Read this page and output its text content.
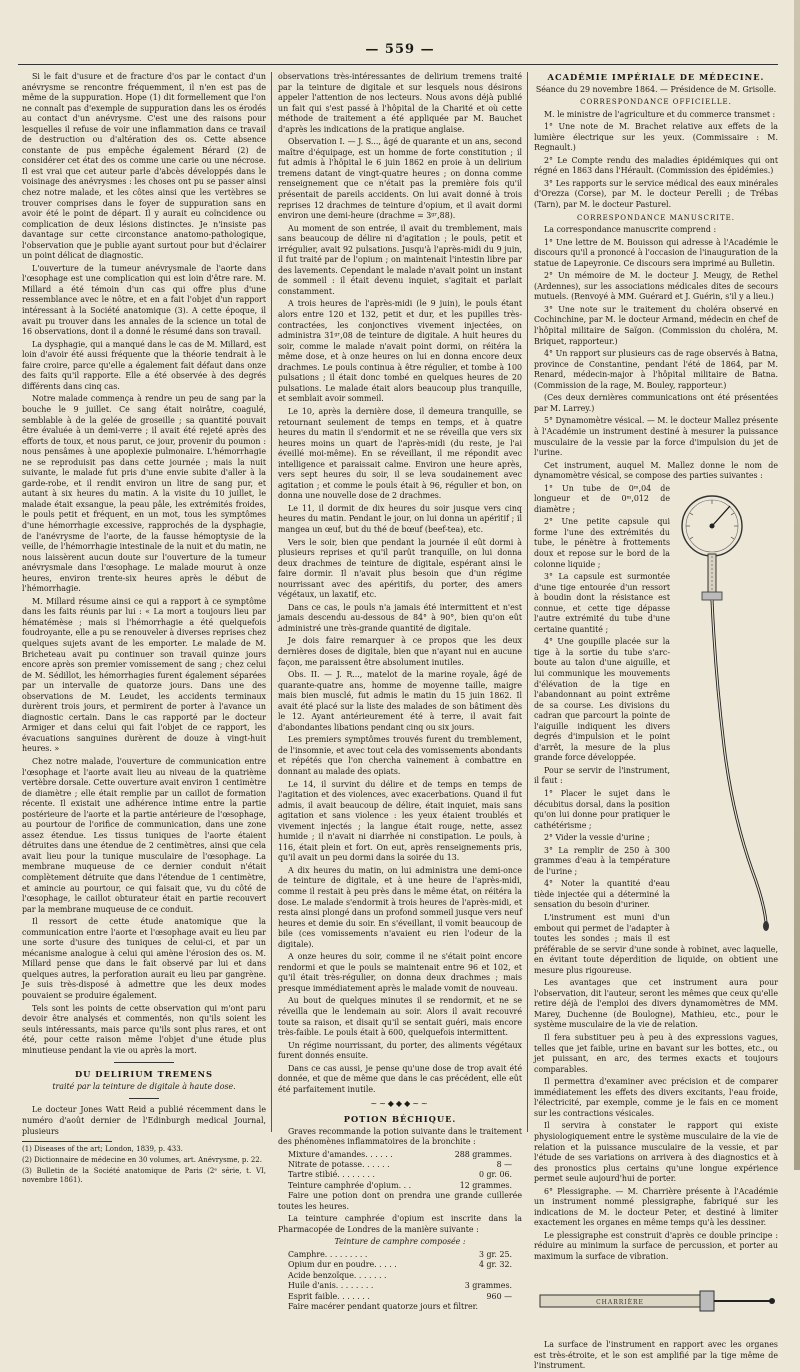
— 559 —

Si le fait d'usure et de fracture d'os par le contact d'un anévrysme se rencontre fréquemment, il n'en est pas de même de la suppuration. Hope (1) dit formellement que l'on ne connaît pas d'exemple de suppuration dans les os érodés au contact d'un anévrysme. C'est une des raisons pour lesquelles il refuse de voir une inflammation dans ce travail de destruction ou d'altération des os. Cette absence constante de pus empêche également Bérard (2) de considérer cet état des os comme une carie ou une nécrose. Il est vrai que cet auteur parle d'abcès développés dans le voisinage des anévrysmes : les choses ont pu se passer ainsi chez notre malade, et les côtes ainsi que les vertèbres se trouver comprises dans le foyer de suppuration sans en avoir été le point de départ. Il y aurait eu coïncidence ou complication de deux lésions distinctes. Je n'insiste pas davantage sur cette circonstance anatomo-pathologique, l'observation que je publie ayant surtout pour but d'éclairer un point délicat de diagnostic.

L'ouverture de la tumeur anévrysmale de l'aorte dans l'œsophage est une complication qui est loin d'être rare. M. Millard a été témoin d'un cas qui offre plus d'une ressemblance avec le nôtre, et en a fait l'objet d'un rapport intéressant à la Société anatomique (3). A cette époque, il avait pu trouver dans les annales de la science un total de 16 observations, dont il a donné le résumé dans son travail.

La dysphagie, qui a manqué dans le cas de M. Millard, est loin d'avoir été aussi fréquente que la théorie tendrait à le faire croire, parce qu'elle a également fait défaut dans onze des faits qu'il rapporte. Elle a été observée à des degrés différents dans cinq cas.

Notre malade commença à rendre un peu de sang par la bouche le 9 juillet. Ce sang était noirâtre, coagulé, semblable à de la gelée de groseille ; sa quantité pouvait être évaluée à un demi-verre ; il avait été rejeté après des efforts de toux, et nous parut, ce jour, provenir du poumon : nous pensâmes à une apoplexie pulmonaire. L'hémorrhagie ne se reproduisit pas dans cette journée ; mais la nuit suivante, le malade fut pris d'une envie subite d'aller à la garde-robe, et il rendit environ un litre de sang pur, et autant à six heures du matin. A la visite du 10 juillet, le malade était exsangue, la peau pâle, les extrémités froides, le pouls petit et fréquent, en un mot, tous les symptômes d'une hémorrhagie excessive, rapprochés de la dysphagie, de l'anévrysme de l'aorte, de la fausse hémoptysie de la veille, de l'hémorrhagie intestinale de la nuit et du matin, ne nous laissèrent aucun doute sur l'ouverture de la tumeur anévrysmale dans l'œsophage. Le malade mourut à onze heures, environ trente-six heures après le début de l'hémorrhagie.

M. Millard résume ainsi ce qui a rapport à ce symptôme dans les faits réunis par lui : « La mort a toujours lieu par hématémèse ; mais si l'hémorrhagie a été quelquefois foudroyante, elle a pu se renouveler à diverses reprises chez quelques sujets avant de les emporter. Le malade de M. Bricheteau avait pu continuer son travail quinze jours encore après son premier vomissement de sang ; chez celui de M. Sédillot, les hémorrhagies furent également séparées par un intervalle de quatorze jours. Dans une des observations de M. Leudet, les accidents terminaux durèrent trois jours, et permirent de porter à l'avance un diagnostic certain. Dans le cas rapporté par le docteur Armiger et dans celui qui fait l'objet de ce rapport, les évacuations sanguines durèrent de douze à vingt-huit heures. »

Chez notre malade, l'ouverture de communication entre l'œsophage et l'aorte avait lieu au niveau de la quatrième vertèbre dorsale. Cette ouverture avait environ 1 centimètre de diamètre ; elle était remplie par un caillot de formation récente. Il existait une adhérence intime entre la partie postérieure de l'aorte et la partie antérieure de l'œsophage, au pourtour de l'orifice de communication, dans une zone assez étendue. Les tissus tuniques de l'aorte étaient détruites dans une étendue de 2 centimètres, ainsi que cela avait lieu pour la tunique musculaire de l'œsophage. La membrane muqueuse de ce dernier conduit n'était complètement détruite que dans l'étendue de 1 centimètre, et amincie au pourtour, ce qui faisait que, vu du côté de l'œsophage, le caillot obturateur était en partie recouvert par la membrane muqueuse de ce conduit.

Il ressort de cette étude anatomique que la communication entre l'aorte et l'œsophage avait eu lieu par une sorte d'usure des tuniques de celui-ci, et par un mécanisme analogue à celui qui amène l'érosion des os. M. Millard pense que dans le fait observé par lui et dans quelques autres, la perforation aurait eu lieu par gangrène. Je suis très-disposé à admettre que les deux modes pouvaient se produire également.

Tels sont les points de cette observation qui m'ont paru devoir être analysés et commentés, non qu'ils soient les seuls intéressants, mais parce qu'ils sont plus rares, et ont été, pour cette raison même l'objet d'une étude plus minutieuse pendant la vie ou après la mort.

DU DELIRIUM TREMENS

traité par la teinture de digitale à haute dose.

Le docteur Jones Watt Reid a publié récemment dans le numéro d'août dernier de l'Edinburgh medical Journal, plusieurs

(1) Diseases of the art; London, 1839, p. 433.

(2) Dictionnaire de médecine en 30 volumes, art. Anévrysme, p. 22.

(3) Bulletin de la Société anatomique de Paris (2ᵉ série, t. VI, novembre 1861).

observations très-intéressantes de delirium tremens traité par la teinture de digitale et sur lesquels nous désirons appeler l'attention de nos lecteurs. Nous avons déjà publié un fait qui s'est passé à l'hôpital de la Charité et où cette méthode de traitement a été appliquée par M. Bauchet d'après les indications de la pratique anglaise.

Observation I. — J. S..., âgé de quarante et un ans, second maître d'équipage, est un homme de forte constitution ; il fut admis à l'hôpital le 6 juin 1862 en proie à un delirium tremens datant de vingt-quatre heures ; on donna comme renseignement que ce n'était pas la première fois qu'il présentait de pareils accidents. On lui avait donné à trois reprises 12 drachmes de teinture d'opium, et il avait dormi environ une demi-heure (drachme = 3ᵍʳ,88).

Au moment de son entrée, il avait du tremblement, mais sans beaucoup de délire ni d'agitation ; le pouls, petit et irrégulier, avait 92 pulsations. Jusqu'à l'après-midi du 9 juin, il fut traité par de l'opium ; on maintenait l'intestin libre par des lavements. Cependant le malade n'avait point un instant de sommeil : il était devenu inquiet, s'agitait et parlait constamment.

A trois heures de l'après-midi (le 9 juin), le pouls étant alors entre 120 et 132, petit et dur, et les pupilles très-contractées, les conjonctives vivement injectées, on administra 31ᵍʳ,08 de teinture de digitale. A huit heures du soir, comme le malade n'avait point dormi, on réitéra la même dose, et à onze heures on lui en donna encore deux drachmes. Le pouls continua à être régulier, et tombe à 100 pulsations ; il était donc tombé en quelques heures de 20 pulsations. Le malade était alors beaucoup plus tranquille, et semblait avoir sommeil.

Le 10, après la dernière dose, il demeura tranquille, se retournant seulement de temps en temps, et à quatre heures du matin il s'endormit et ne se réveilla que vers six heures moins un quart de l'après-midi (du reste, je l'ai éveillé moi-même). En se réveillant, il me répondit avec intelligence et paraissait calme. Environ une heure après, vers sept heures du soir, il se leva soudainement avec agitation ; et comme le pouls était à 96, régulier et bon, on donna une nouvelle dose de 2 drachmes.

Le 11, il dormit de dix heures du soir jusque vers cinq heures du matin. Pendant le jour, on lui donna un apéritif ; il mangea un œuf, but du thé de bœuf (beef-tea), etc.

Vers le soir, bien que pendant la journée il eût dormi à plusieurs reprises et qu'il parût tranquille, on lui donna deux drachmes de teinture de digitale, espérant ainsi le faire dormir. Il n'avait plus besoin que d'un régime nourrissant avec des apéritifs, du porter, des amers végétaux, un laxatif, etc.

Dans ce cas, le pouls n'a jamais été intermittent et n'est jamais descendu au-dessous de 84° à 90°, bien qu'on eût administré une très-grande quantité de digitale.

Je dois faire remarquer à ce propos que les deux dernières doses de digitale, bien que n'ayant nui en aucune façon, me paraissent être absolument inutiles.

Obs. II. — J. R..., matelot de la marine royale, âgé de quarante-quatre ans, homme de moyenne taille, maigre mais bien musclé, fut admis le matin du 15 juin 1862. Il avait été placé sur la liste des malades de son bâtiment dès le 12. Ayant antérieurement été à terre, il avait fait d'abondantes libations pendant cinq ou six jours.

Les premiers symptômes trouvés furent du tremblement, de l'insomnie, et avec tout cela des vomissements abondants et répétés que l'on chercha vainement à combattre en donnant au malade des opiats.

Le 14, il survint du délire et de temps en temps de l'agitation et des violences, avec exacerbations. Quand il fut admis, il avait beaucoup de délire, était inquiet, mais sans agitation et sans violence : les yeux étaient troublés et vivement injectés ; la langue était rouge, nette, assez humide ; il n'avait ni diarrhée ni constipation. Le pouls, à 116, était plein et fort. On eut, après renseignements pris, qu'il avait un peu dormi dans la soirée du 13.

A dix heures du matin, on lui administra une demi-once de teinture de digitale, et à une heure de l'après-midi, comme il restait à peu près dans le même état, on réitéra la dose. Le malade s'endormit à trois heures de l'après-midi, et resta ainsi plongé dans un profond sommeil jusque vers neuf heures et demie du soir. En s'éveillant, il vomit beaucoup de bile (ces vomissements n'avaient eu rien l'odeur de la digitale).

A onze heures du soir, comme il ne s'était point encore rendormi et que le pouls se maintenait entre 96 et 102, et qu'il était très-régulier, on donna deux drachmes ; mais presque immédiatement après le malade vomit de nouveau.

Au bout de quelques minutes il se rendormit, et ne se réveilla que le lendemain au soir. Alors il avait recouvré toute sa raison, et disait qu'il se sentait guéri, mais encore très-faible. Le pouls était à 600, quelquefois intermittent.

Un régime nourrissant, du porter, des aliments végétaux furent donnés ensuite.

Dans ce cas aussi, je pense qu'une dose de trop avait été donnée, et que de même que dans le cas précédent, elle eût été parfaitement inutile.

~~◆◆◆~~

POTION BÉCHIQUE.

Graves recommande la potion suivante dans le traitement des phénomènes inflammatoires de la bronchite :

Mixture d'amandes. . . . . .	288 grammes.
Nitrate de potasse. . . . . .	8 —
Tartre stibié. . . . . . . .	0 gr. 06.
Teinture camphrée d'opium. . .	12 grammes.

Faire une potion dont on prendra une grande cuillerée toutes les heures.

La teinture camphrée d'opium est inscrite dans la Pharmacopée de Londres de la manière suivante :

Teinture de camphre composée :

Camphre. . . . . . . . .	3 gr. 25.
Opium dur en poudre. . . . .	4 gr. 32.
Acide benzoïque. . . . . . .
Huile d'anis. . . . . . . .	3 grammes.
Esprit faible. . . . . . .	960 —

Faire macérer pendant quatorze jours et filtrer.

ACADÉMIE IMPÉRIALE DE MÉDECINE.

Séance du 29 novembre 1864. — Présidence de M. Grisolle.

CORRESPONDANCE OFFICIELLE.

M. le ministre de l'agriculture et du commerce transmet :

1° Une note de M. Brachet relative aux effets de la lumière électrique sur les yeux. (Commissaire : M. Regnault.)

2° Le Compte rendu des maladies épidémiques qui ont régné en 1863 dans l'Hérault. (Commission des épidémies.)

3° Les rapports sur le service médical des eaux minérales d'Orezza (Corse), par M. le docteur Perelli ; de Trébas (Tarn), par M. le docteur Pasturel.

CORRESPONDANCE MANUSCRITE.

La correspondance manuscrite comprend :

1° Une lettre de M. Bouisson qui adresse à l'Académie le discours qu'il a prononcé à l'occasion de l'inauguration de la statue de Lapeyronie. Ce discours sera imprimé au Bulletin.

2° Un mémoire de M. le docteur J. Meugy, de Rethel (Ardennes), sur les associations médicales dites de secours mutuels. (Renvoyé à MM. Guérard et J. Guérin, s'il y a lieu.)

3° Une note sur le traitement du choléra observé en Cochinchine, par M. le docteur Armand, médecin en chef de l'hôpital militaire de Saïgon. (Commission du choléra, M. Briquet, rapporteur.)

4° Un rapport sur plusieurs cas de rage observés à Batna, province de Constantine, pendant l'été de 1864, par M. Renard, médecin-major à l'hôpital militaire de Batna. (Commission de la rage, M. Bouley, rapporteur.)

(Ces deux dernières communications ont été présentées par M. Larrey.)

5° Dynamomètre vésical. — M. le docteur Mallez présente à l'Académie un instrument destiné à mesurer la puissance musculaire de la vessie par la force d'impulsion du jet de l'urine.

Cet instrument, auquel M. Mallez donne le nom de dynamomètre vésical, se compose des parties suivantes :

1° Un tube de 0ᵐ,04 de longueur et de 0ᵐ,012 de diamètre ;

2° Une petite capsule qui forme l'une des extrémités du tube, le pénètre à frottements doux et repose sur le bord de la colonne liquide ;

3° La capsule est surmontée d'une tige entourée d'un ressort à boudin dont la résistance est connue, et cette tige dépasse l'autre extrémité du tube d'une certaine quantité ;

4° Une goupille placée sur la tige à la sortie du tube s'arc-boute au talon d'une aiguille, et lui communique les mouvements d'élévation de la tige en l'abandonnant au point extrême de sa course. Les divisions du cadran que parcourt la pointe de l'aiguille indiquent les divers degrés d'impulsion et le point d'arrêt, la mesure de la plus grande force développée.

Pour se servir de l'instrument, il faut :

1° Placer le sujet dans le décubitus dorsal, dans la position qu'on lui donne pour pratiquer le cathétérisme ;

2° Vider la vessie d'urine ;

3° La remplir de 250 à 300 grammes d'eau à la température de l'urine ;

4° Noter la quantité d'eau tiède injectée qui a déterminé la sensation du besoin d'uriner.

L'instrument est muni d'un embout qui permet de l'adapter à toutes les sondes ; mais il est préférable de se servir d'une sonde à robinet, avec laquelle, en évitant toute déperdition de liquide, on obtient une mesure plus rigoureuse.

Les avantages que cet instrument aura pour l'observation, dit l'auteur, seront les mêmes que ceux qu'elle retire déjà de l'emploi des divers dynamomètres de MM. Marey, Duchenne (de Boulogne), Mathieu, etc., pour le système musculaire de la vie de relation.

Il fera substituer peu à peu à des expressions vagues, telles que jet faible, urine en bavant sur les bottes, etc., ou jet puissant, en arc, des termes exacts et toujours comparables.

Il permettra d'examiner avec précision et de comparer immédiatement les effets des divers excitants, l'eau froide, l'électricité, par exemple, comme je le fais en ce moment sur les contractions vésicales.

Il servira à constater le rapport qui existe physiologiquement entre le système musculaire de la vie de relation et la puissance musculaire de la vessie, et par l'étude de ses variations on arrivera à des diagnostics et à des pronostics plus certains qu'une longue expérience permet seule aujourd'hui de porter.

6° Plessigraphe. — M. Charrière présente à l'Académie un instrument nommé plessigraphe, fabriqué sur les indications de M. le docteur Peter, et destiné à limiter exactement les organes en même temps qu'à les dessiner.

Le plessigraphe est construit d'après ce double principe : réduire au minimum la surface de percussion, et porter au maximum la surface de vibration.

CHARRIÈRE

La surface de l'instrument en rapport avec les organes est très-étroite, et le son est amplifié par la tige même de l'instrument.
